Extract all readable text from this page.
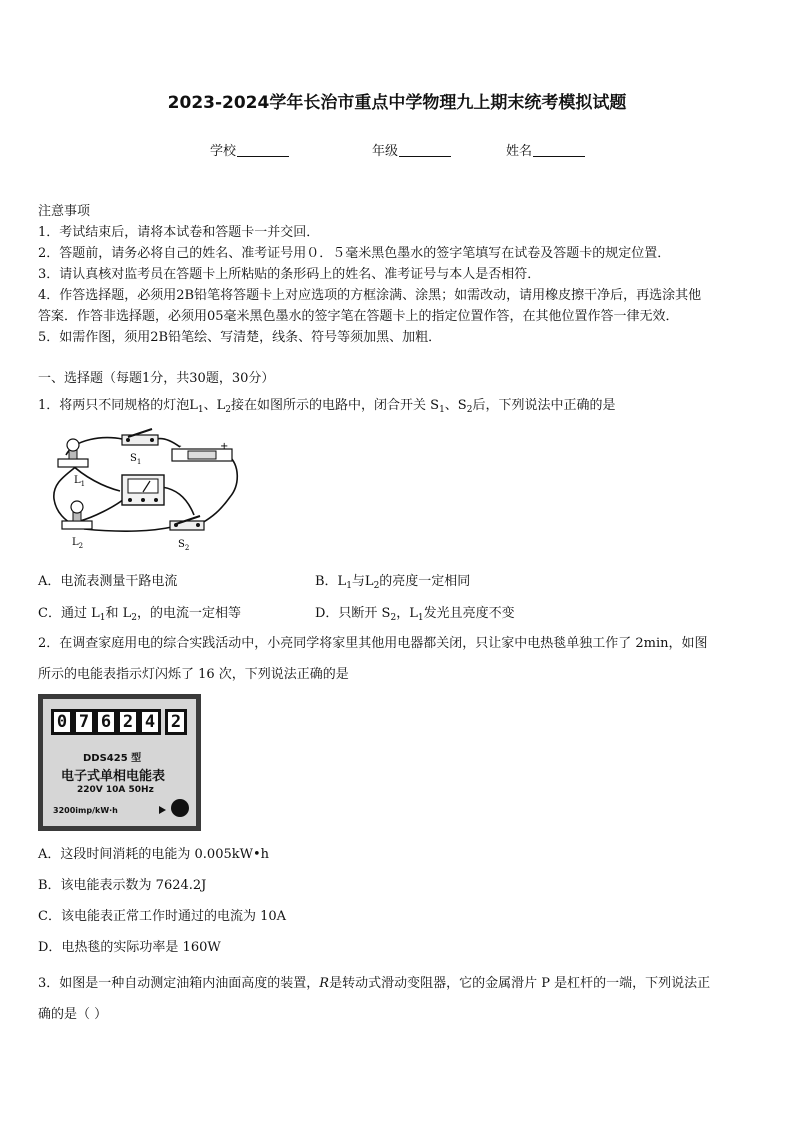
2023-2024学年长治市重点中学物理九上期末统考模拟试题
学校	年级	姓名
注意事项
1．考试结束后，请将本试卷和答题卡一并交回．
2．答题前，请务必将自己的姓名、准考证号用０．５毫米黑色墨水的签字笔填写在试卷及答题卡的规定位置．
3．请认真核对监考员在答题卡上所粘贴的条形码上的姓名、准考证号与本人是否相符．
4．作答选择题，必须用2B铅笔将答题卡上对应选项的方框涂满、涂黑；如需改动，请用橡皮擦干净后，再选涂其他
答案．作答非选择题，必须用05毫米黑色墨水的签字笔在答题卡上的指定位置作答，在其他位置作答一律无效．
5．如需作图，须用2B铅笔绘、写清楚，线条、符号等须加黑、加粗．
一、选择题（每题1分，共30题，30分）
1．将两只不同规格的灯泡$L_1$、$L_2$接在如图所示的电路中，闭合开关 $S_1$、$S_2$后，下列说法中正确的是
-	+
$L_1$
$S_1$
$L_2$	$S_2$
A．电流表测量干路电流	B．$L_1$与$L_2$的亮度一定相同
C．通过 $L_1$和 $L_2$，的电流一定相等	D．只断开 $S_2$，$L_1$发光且亮度不变
2．在调查家庭用电的综合实践活动中，小亮同学将家里其他用电器都关闭，只让家中电热毯单独工作了 2min，如图
所示的电能表指示灯闪烁了 16 次，下列说法正确的是
0 7 6 2 4 2
DDS425 型
电子式单相电能表
220V 10A 50Hz
3200imp/kW·h
A．这段时间消耗的电能为 0.005kW•h
B．该电能表示数为 7624.2J
C．该电能表正常工作时通过的电流为 10A
D．电热毯的实际功率是 160W
3．如图是一种自动测定油箱内油面高度的装置，R是转动式滑动变阻器，它的金属滑片 P 是杠杆的一端，下列说法正
确的是（ ）
